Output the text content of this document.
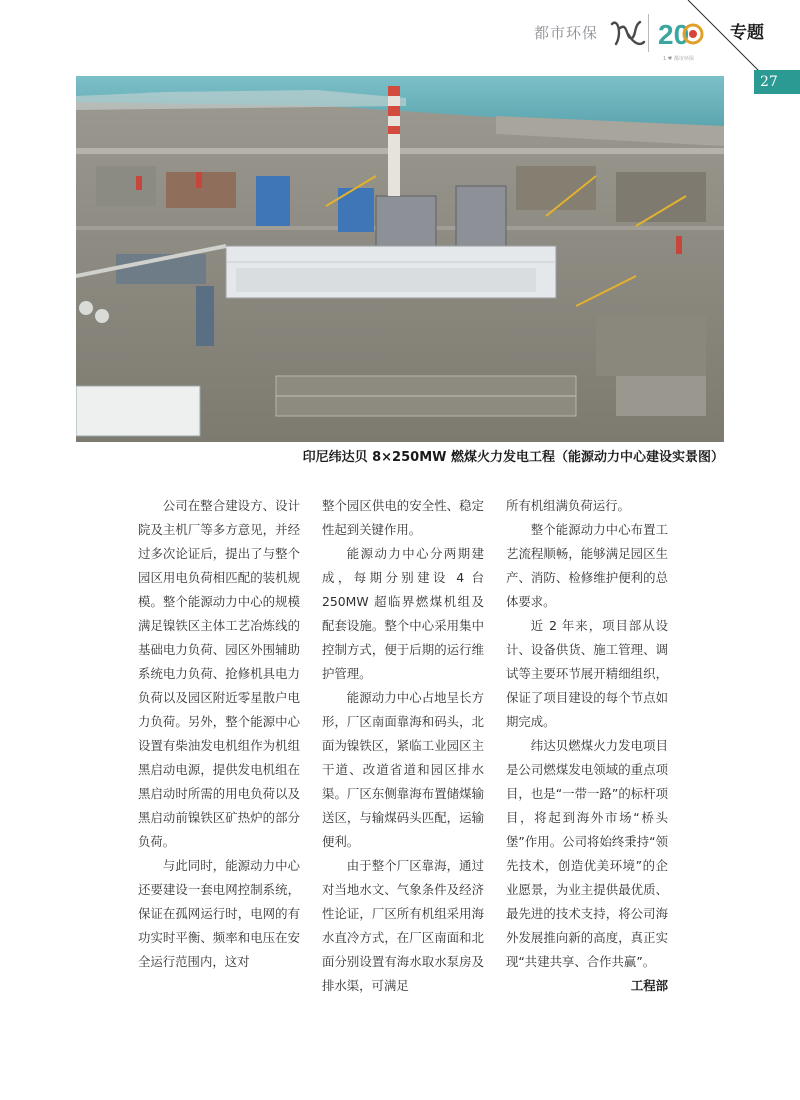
都市环保 20
1 ♥ 都市环保
专题
27
印尼纬达贝 8×250MW 燃煤火力发电工程（能源动力中心建设实景图）

公司在整合建设方、设计院及主机厂等多方意见，并经过多次论证后，提出了与整个园区用电负荷相匹配的装机规模。整个能源动力中心的规模满足镍铁区主体工艺冶炼线的基础电力负荷、园区外围辅助系统电力负荷、抢修机具电力负荷以及园区附近零星散户电力负荷。另外，整个能源中心设置有柴油发电机组作为机组黑启动电源，提供发电机组在黑启动时所需的用电负荷以及黑启动前镍铁区矿热炉的部分负荷。

与此同时，能源动力中心还要建设一套电网控制系统，保证在孤网运行时，电网的有功实时平衡、频率和电压在安全运行范围内，这对

整个园区供电的安全性、稳定性起到关键作用。

能源动力中心分两期建成，每期分别建设 4 台 250MW 超临界燃煤机组及配套设施。整个中心采用集中控制方式，便于后期的运行维护管理。

能源动力中心占地呈长方形，厂区南面靠海和码头，北面为镍铁区，紧临工业园区主干道、改道省道和园区排水渠。厂区东侧靠海布置储煤输送区，与输煤码头匹配，运输便利。

由于整个厂区靠海，通过对当地水文、气象条件及经济性论证，厂区所有机组采用海水直冷方式，在厂区南面和北面分别设置有海水取水泵房及排水渠，可满足

所有机组满负荷运行。

整个能源动力中心布置工艺流程顺畅，能够满足园区生产、消防、检修维护便利的总体要求。

近 2 年来，项目部从设计、设备供货、施工管理、调试等主要环节展开精细组织，保证了项目建设的每个节点如期完成。

纬达贝燃煤火力发电项目是公司燃煤发电领域的重点项目，也是“一带一路”的标杆项目，将起到海外市场“桥头堡”作用。公司将始终秉持“领先技术，创造优美环境”的企业愿景，为业主提供最优质、最先进的技术支持，将公司海外发展推向新的高度，真正实现“共建共享、合作共赢”。
工程部
